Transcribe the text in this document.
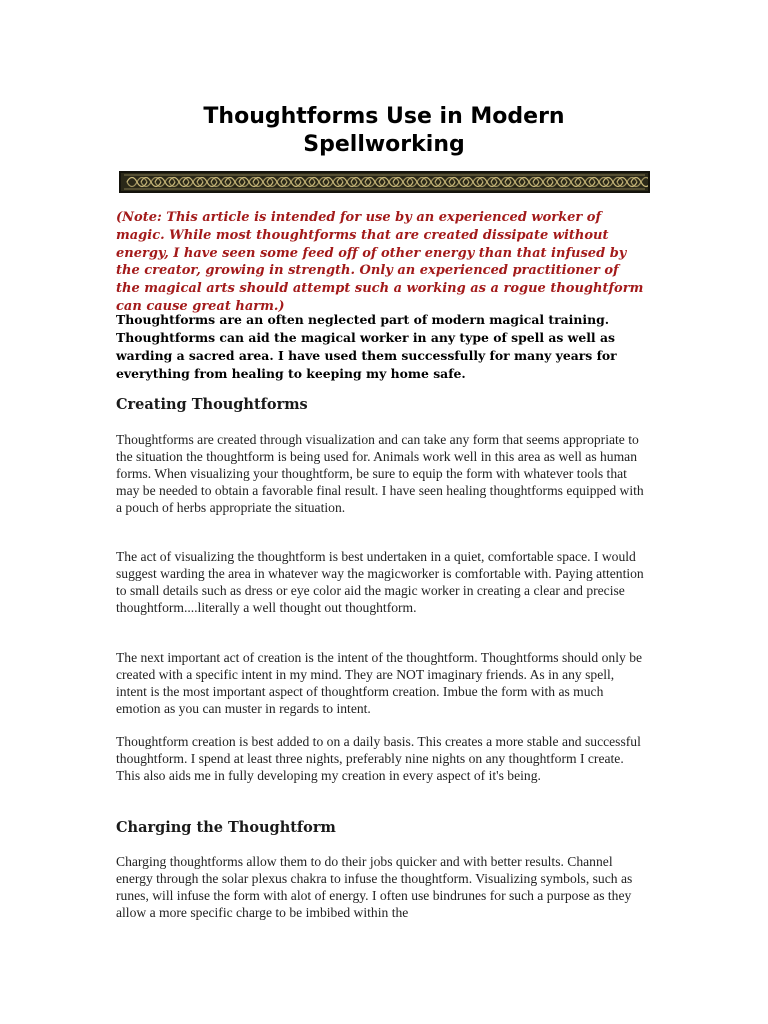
Thoughtforms Use in Modern Spellworking

(Note: This article is intended for use by an experienced worker of magic. While most thoughtforms that are created dissipate without energy, I have seen some feed off of other energy than that infused by the creator, growing in strength. Only an experienced practitioner of the magical arts should attempt such a working as a rogue thoughtform can cause great harm.)

Thoughtforms are an often neglected part of modern magical training. Thoughtforms can aid the magical worker in any type of spell as well as warding a sacred area. I have used them successfully for many years for everything from healing to keeping my home safe.

Creating Thoughtforms

Thoughtforms are created through visualization and can take any form that seems appropriate to the situation the thoughtform is being used for. Animals work well in this area as well as human forms. When visualizing your thoughtform, be sure to equip the form with whatever tools that may be needed to obtain a favorable final result. I have seen healing thoughtforms equipped with a pouch of herbs appropriate the situation.

The act of visualizing the thoughtform is best undertaken in a quiet, comfortable space. I would suggest warding the area in whatever way the magicworker is comfortable with. Paying attention to small details such as dress or eye color aid the magic worker in creating a clear and precise thoughtform....literally a well thought out thoughtform.

The next important act of creation is the intent of the thoughtform. Thoughtforms should only be created with a specific intent in my mind. They are NOT imaginary friends. As in any spell, intent is the most important aspect of thoughtform creation. Imbue the form with as much emotion as you can muster in regards to intent.

Thoughtform creation is best added to on a daily basis. This creates a more stable and successful thoughtform. I spend at least three nights, preferably nine nights on any thoughtform I create. This also aids me in fully developing my creation in every aspect of it's being.

Charging the Thoughtform

Charging thoughtforms allow them to do their jobs quicker and with better results. Channel energy through the solar plexus chakra to infuse the thoughtform. Visualizing symbols, such as runes, will infuse the form with alot of energy. I often use bindrunes for such a purpose as they allow a more specific charge to be imbibed within the
